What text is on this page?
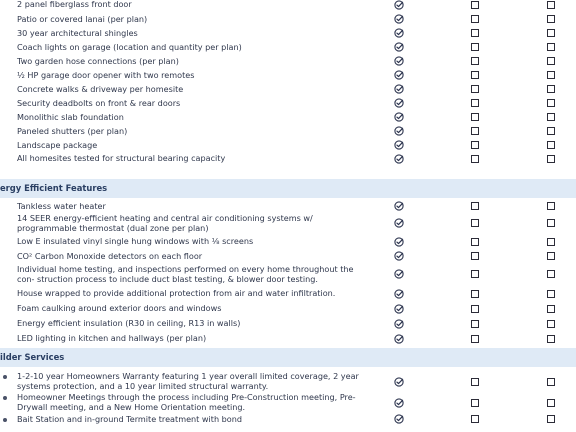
2 panel fiberglass front door
Patio or covered lanai (per plan)
30 year architectural shingles
Coach lights on garage (location and quantity per plan)
Two garden hose connections (per plan)
½ HP garage door opener with two remotes
Concrete walks & driveway per homesite
Security deadbolts on front & rear doors
Monolithic slab foundation
Paneled shutters (per plan)
Landscape package
All homesites tested for structural bearing capacity
ergy Efficient Features
Tankless water heater
14 SEER energy-efficient heating and central air conditioning systems w/ programmable thermostat (dual zone per plan)
Low E insulated vinyl single hung windows with ⅛ screens
CO² Carbon Monoxide detectors on each floor
Individual home testing, and inspections performed on every home throughout the con- struction process to include duct blast testing, & blower door testing.
House wrapped to provide additional protection from air and water infiltration.
Foam caulking around exterior doors and windows
Energy efficient insulation (R30 in ceiling, R13 in walls)
LED lighting in kitchen and hallways (per plan)
ilder Services
1-2-10 year Homeowners Warranty featuring 1 year overall limited coverage, 2 year systems protection, and a 10 year limited structural warranty.
Homeowner Meetings through the process including Pre-Construction meeting, Pre-Drywall meeting, and a New Home Orientation meeting.
Bait Station and in-ground Termite treatment with bond
